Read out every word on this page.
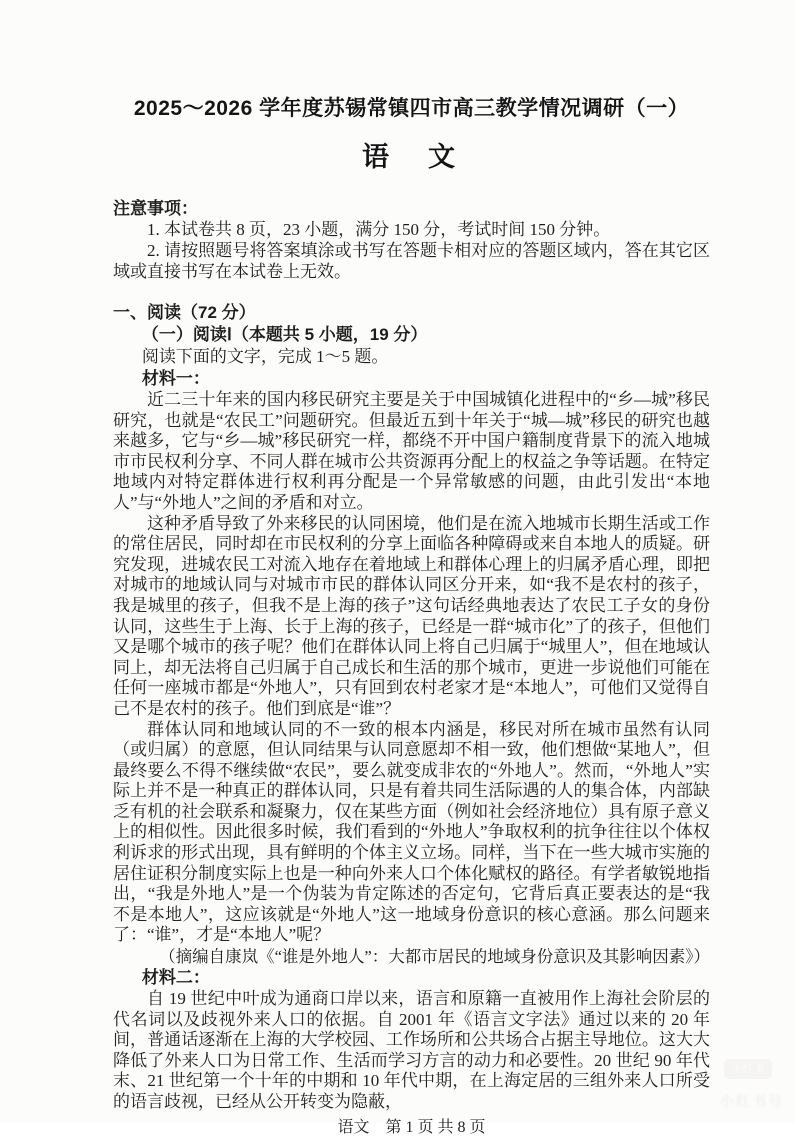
2025～2026 学年度苏锡常镇四市高三教学情况调研（一）
语　文
注意事项：
1. 本试卷共 8 页，23 小题，满分 150 分，考试时间 150 分钟。
2. 请按照题号将答案填涂或书写在答题卡相对应的答题区域内，答在其它区域或直接书写在本试卷上无效。
一、阅读（72 分）
（一）阅读Ⅰ（本题共 5 小题，19 分）
阅读下面的文字，完成 1～5 题。
材料一：

近二三十年来的国内移民研究主要是关于中国城镇化进程中的“乡—城”移民研究，也就是“农民工”问题研究。但最近五到十年关于“城—城”移民的研究也越来越多，它与“乡—城”移民研究一样，都绕不开中国户籍制度背景下的流入地城市市民权利分享、不同人群在城市公共资源再分配上的权益之争等话题。在特定地域内对特定群体进行权利再分配是一个异常敏感的问题，由此引发出“本地人”与“外地人”之间的矛盾和对立。

这种矛盾导致了外来移民的认同困境，他们是在流入地城市长期生活或工作的常住居民，同时却在市民权利的分享上面临各种障碍或来自本地人的质疑。研究发现，进城农民工对流入地存在着地域上和群体心理上的归属矛盾心理，即把对城市的地域认同与对城市市民的群体认同区分开来，如“我不是农村的孩子，我是城里的孩子，但我不是上海的孩子”这句话经典地表达了农民工子女的身份认同，这些生于上海、长于上海的孩子，已经是一群“城市化”了的孩子，但他们又是哪个城市的孩子呢？他们在群体认同上将自己归属于“城里人”，但在地域认同上，却无法将自己归属于自己成长和生活的那个城市，更进一步说他们可能在任何一座城市都是“外地人”，只有回到农村老家才是“本地人”，可他们又觉得自己不是农村的孩子。他们到底是“谁”？

群体认同和地域认同的不一致的根本内涵是，移民对所在城市虽然有认同（或归属）的意愿，但认同结果与认同意愿却不相一致，他们想做“某地人”，但最终要么不得不继续做“农民”，要么就变成非农的“外地人”。然而，“外地人”实际上并不是一种真正的群体认同，只是有着共同生活际遇的人的集合体，内部缺乏有机的社会联系和凝聚力，仅在某些方面（例如社会经济地位）具有原子意义上的相似性。因此很多时候，我们看到的“外地人”争取权利的抗争往往以个体权利诉求的形式出现，具有鲜明的个体主义立场。同样，当下在一些大城市实施的居住证积分制度实际上也是一种向外来人口个体化赋权的路径。有学者敏锐地指出，“我是外地人”是一个伪装为肯定陈述的否定句，它背后真正要表达的是“我不是本地人”，这应该就是“外地人”这一地域身份意识的核心意涵。那么问题来了：“谁”，才是“本地人”呢？

（摘编自康岚《“谁是外地人”：大都市居民的地域身份意识及其影响因素》）
材料二：

自 19 世纪中叶成为通商口岸以来，语言和原籍一直被用作上海社会阶层的代名词以及歧视外来人口的依据。自 2001 年《语言文字法》通过以来的 20 年间，普通话逐渐在上海的大学校园、工作场所和公共场合占据主导地位。这大大降低了外来人口为日常工作、生活而学习方言的动力和必要性。20 世纪 90 年代末、21 世纪第一个十年的中期和 10 年代中期，在上海定居的三组外来人口所受的语言歧视，已经从公开转变为隐蔽，

语文　第 1 页 共 8 页
小红书
小红书号
